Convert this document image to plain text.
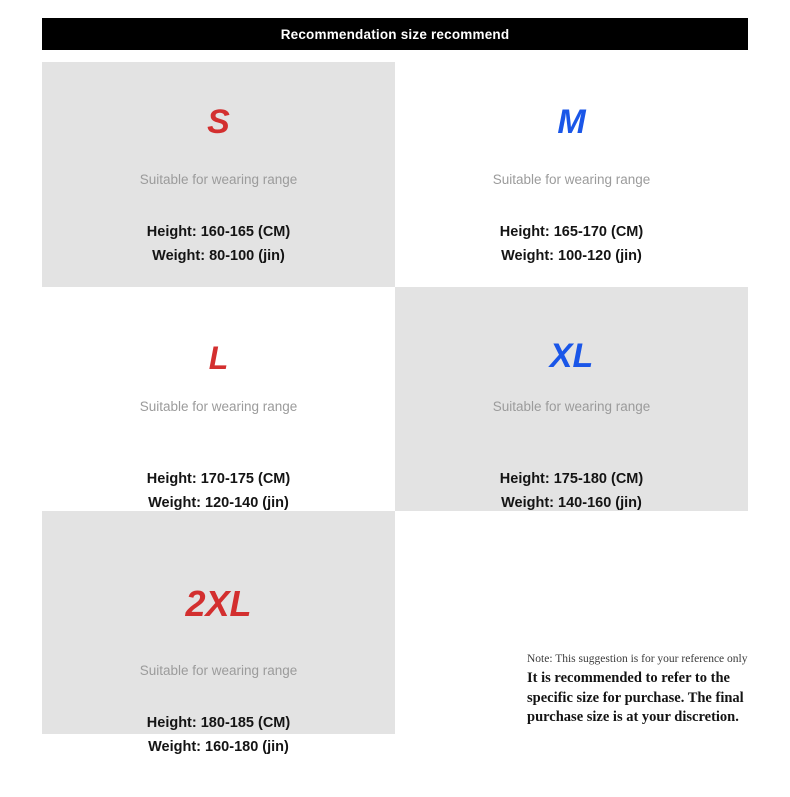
Recommendation size recommend
S
Suitable for wearing range
Height: 160-165 (CM)
Weight: 80-100 (jin)
M
Suitable for wearing range
Height: 165-170 (CM)
Weight: 100-120 (jin)
L
Suitable for wearing range
Height: 170-175 (CM)
Weight: 120-140 (jin)
XL
Suitable for wearing range
Height: 175-180 (CM)
Weight: 140-160 (jin)
2XL
Suitable for wearing range
Height: 180-185 (CM)
Weight: 160-180 (jin)
Note: This suggestion is for your reference only
It is recommended to refer to the specific size for purchase. The final purchase size is at your discretion.
